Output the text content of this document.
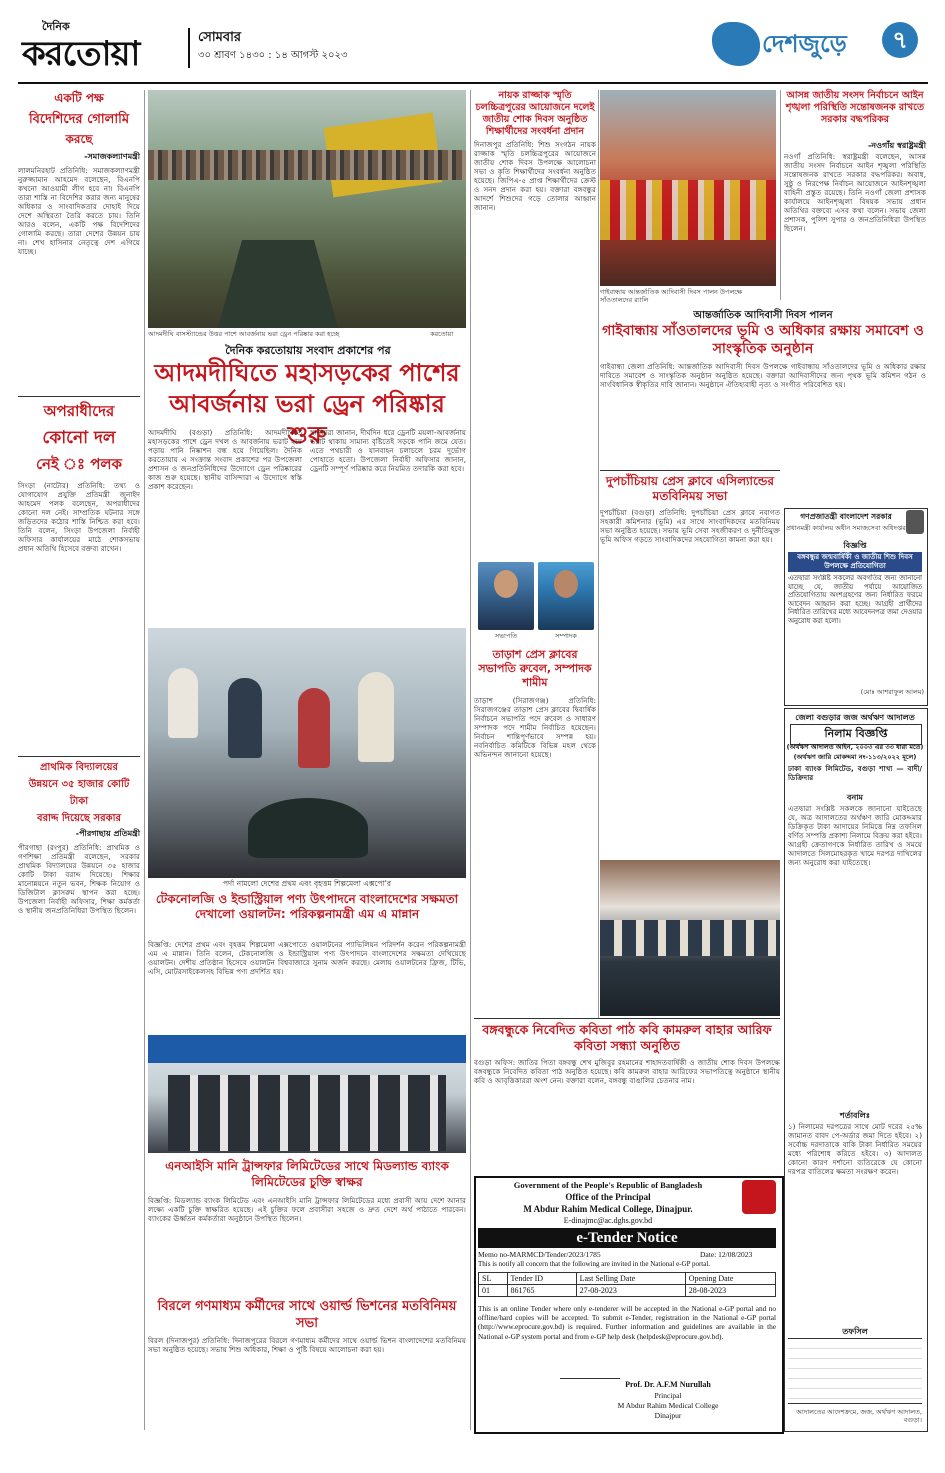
দৈনিক
করতোয়া	সোমবার
৩০ শ্রাবণ ১৪৩০ : ১৪ আগস্ট ২০২৩	দেশজুড়ে	৭
একটি পক্ষ
বিদেশিদের গোলামি
করছে
-সমাজকল্যাণমন্ত্রী
লালমনিরহাট প্রতিনিধি: সমাজকল্যাণমন্ত্রী নুরুজ্জামান আহমেদ বলেছেন, বিএনপি কখনো আওয়ামী লীগ হবে না। বিএনপি তারা শাস্তি না বিদেশির করার জন্য মানুষের অধিকার ও সাংবাদিকতার দোহাই দিয়ে দেশে অস্থিরতা তৈরি করতে চায়। তিনি আরও বলেন, একটি পক্ষ বিদেশিদের গোলামি করছে। তারা দেশের উন্নয়ন চায় না। শেখ হাসিনার নেতৃত্বে দেশ এগিয়ে যাচ্ছে।
অপরাধীদের
কোনো দল
নেই ঃ পলক
সিংড়া (নাটোর) প্রতিনিধি: তথ্য ও যোগাযোগ প্রযুক্তি প্রতিমন্ত্রী জুনাইদ আহমেদ পলক বলেছেন, অপরাধীদের কোনো দল নেই। সাম্প্রতিক ঘটনার সঙ্গে জড়িতদের কঠোর শাস্তি নিশ্চিত করা হবে। তিনি বলেন, সিংড়া উপজেলা নির্বাহী অফিসার কার্যালয়ের মাঠে শোকসভায় প্রধান অতিথি হিসেবে বক্তব্য রাখেন।
প্রাথমিক বিদ্যালয়ের
উন্নয়নে ৩৫ হাজার কোটি টাকা
বরাদ্দ দিয়েছে সরকার
-পীরগাছায় প্রতিমন্ত্রী
পীরগাছা (রংপুর) প্রতিনিধি: প্রাথমিক ও গণশিক্ষা প্রতিমন্ত্রী বলেছেন, সরকার প্রাথমিক বিদ্যালয়ের উন্নয়নে ৩৫ হাজার কোটি টাকা বরাদ্দ দিয়েছে। শিক্ষার মানোন্নয়নে নতুন ভবন, শিক্ষক নিয়োগ ও ডিজিটাল ক্লাসরুম স্থাপন করা হচ্ছে। উপজেলা নির্বাহী অফিসার, শিক্ষা কর্মকর্তা ও স্থানীয় জনপ্রতিনিধিরা উপস্থিত ছিলেন।
আদমদীঘি বাসস্ট্যান্ডের উত্তর পাশে আবর্জনায় ভরা ড্রেন পরিষ্কার করা হচ্ছে	করতোয়া
দৈনিক করতোয়ায় সংবাদ প্রকাশের পর
আদমদীঘিতে মহাসড়কের পাশের আবর্জনায় ভরা ড্রেন পরিষ্কার শুরু
আদমদীঘি (বগুড়া) প্রতিনিধি: আদমদীঘিতে মহাসড়কের পাশে ড্রেন দখল ও আবর্জনায় ভরাট হয়ে পড়ায় পানি নিষ্কাশন বন্ধ হয়ে গিয়েছিল। দৈনিক করতোয়ায় এ সংক্রান্ত সংবাদ প্রকাশের পর উপজেলা প্রশাসন ও জনপ্রতিনিধিদের উদ্যোগে ড্রেন পরিষ্কারের কাজ শুরু হয়েছে। স্থানীয় বাসিন্দারা এ উদ্যোগে স্বস্তি প্রকাশ করেছেন।
স্থানীয়রা জানান, দীর্ঘদিন ধরে ড্রেনটি ময়লা-আবর্জনায় ভরাট থাকায় সামান্য বৃষ্টিতেই সড়কে পানি জমে যেত। এতে পথচারী ও যানবাহন চলাচলে চরম দুর্ভোগ পোহাতে হতো। উপজেলা নির্বাহী অফিসার জানান, ড্রেনটি সম্পূর্ণ পরিষ্কার করে নিয়মিত তদারকি করা হবে।
পর্দা নামলো দেশের প্রথম এবং বৃহত্তম শিল্পমেলা এক্সপো'র
টেকনোলজি ও ইন্ডাস্ট্রিয়াল পণ্য উৎপাদনে বাংলাদেশের সক্ষমতা দেখালো ওয়ালটন: পরিকল্পনামন্ত্রী এম এ মান্নান
বিজ্ঞপ্তি: দেশের প্রথম এবং বৃহত্তম শিল্পমেলা এক্সপোতে ওয়ালটনের প্যাভিলিয়ন পরিদর্শন করেন পরিকল্পনামন্ত্রী এম এ মান্নান। তিনি বলেন, টেকনোলজি ও ইন্ডাস্ট্রিয়াল পণ্য উৎপাদনে বাংলাদেশের সক্ষমতা দেখিয়েছে ওয়ালটন। দেশীয় প্রতিষ্ঠান হিসেবে ওয়ালটন বিশ্ববাজারে সুনাম অর্জন করছে। মেলায় ওয়ালটনের ফ্রিজ, টিভি, এসি, মোটরসাইকেলসহ বিভিন্ন পণ্য প্রদর্শিত হয়।
এনআইসি মানি ট্রান্সফার লিমিটেডের সাথে মিডল্যান্ড ব্যাংক লিমিটেডের চুক্তি স্বাক্ষর
বিজ্ঞপ্তি: মিডল্যান্ড ব্যাংক লিমিটেড এবং এনআইসি মানি ট্রান্সফার লিমিটেডের মধ্যে প্রবাসী আয় দেশে আনার লক্ষ্যে একটি চুক্তি স্বাক্ষরিত হয়েছে। এই চুক্তির ফলে প্রবাসীরা সহজে ও দ্রুত দেশে অর্থ পাঠাতে পারবেন। ব্যাংকের ঊর্ধ্বতন কর্মকর্তারা অনুষ্ঠানে উপস্থিত ছিলেন।
বিরলে গণমাধ্যম কর্মীদের সাথে ওয়ার্ল্ড ভিশনের মতবিনিময় সভা
বিরল (দিনাজপুর) প্রতিনিধি: দিনাজপুরের বিরলে গণমাধ্যম কর্মীদের সাথে ওয়ার্ল্ড ভিশন বাংলাদেশের মতবিনিময় সভা অনুষ্ঠিত হয়েছে। সভায় শিশু অধিকার, শিক্ষা ও পুষ্টি বিষয়ে আলোচনা করা হয়।
নায়ক রাজ্জাক স্মৃতি চলচ্চিত্রপুরের আয়োজনে দলেই জাতীয় শোক দিবস অনুষ্ঠিত শিক্ষার্থীদের সংবর্ধনা প্রদান
দিনাজপুর প্রতিনিধি: শিশু সংগঠন নায়ক রাজ্জাক স্মৃতি চলচ্চিত্রপুরের আয়োজনে জাতীয় শোক দিবস উপলক্ষে আলোচনা সভা ও কৃতি শিক্ষার্থীদের সংবর্ধনা অনুষ্ঠিত হয়েছে। জিপিএ-৫ প্রাপ্ত শিক্ষার্থীদের ক্রেস্ট ও সনদ প্রদান করা হয়। বক্তারা বঙ্গবন্ধুর আদর্শে শিশুদের গড়ে তোলার আহ্বান জানান।
সভাপতি	সম্পাদক
তাড়াশ প্রেস ক্লাবের সভাপতি রুবেল, সম্পাদক শামীম
তাড়াশ (সিরাজগঞ্জ) প্রতিনিধি: সিরাজগঞ্জের তাড়াশ প্রেস ক্লাবের দ্বিবার্ষিক নির্বাচনে সভাপতি পদে রুবেল ও সাধারণ সম্পাদক পদে শামীম নির্বাচিত হয়েছেন। নির্বাচন শান্তিপূর্ণভাবে সম্পন্ন হয়। নবনির্বাচিত কমিটিকে বিভিন্ন মহল থেকে অভিনন্দন জানানো হয়েছে।
গাইবান্ধায় আন্তর্জাতিক আদিবাসী দিবস পালন উপলক্ষে সাঁওতালদের র‍্যালি
আন্তর্জাতিক আদিবাসী দিবস পালন
গাইবান্ধায় সাঁওতালদের ভূমি ও অধিকার রক্ষায় সমাবেশ ও সাংস্কৃতিক অনুষ্ঠান
গাইবান্ধা জেলা প্রতিনিধি: আন্তর্জাতিক আদিবাসী দিবস উপলক্ষে গাইবান্ধায় সাঁওতালদের ভূমি ও অধিকার রক্ষার দাবিতে সমাবেশ ও সাংস্কৃতিক অনুষ্ঠান অনুষ্ঠিত হয়েছে। বক্তারা আদিবাসীদের জন্য পৃথক ভূমি কমিশন গঠন ও সাংবিধানিক স্বীকৃতির দাবি জানান। অনুষ্ঠানে ঐতিহ্যবাহী নৃত্য ও সংগীত পরিবেশিত হয়।
দুপচাঁচিয়ায় প্রেস ক্লাবে এসিল্যান্ডের মতবিনিময় সভা
দুপচাঁচিয়া (বগুড়া) প্রতিনিধি: দুপচাঁচিয়া প্রেস ক্লাবে নবাগত সহকারী কমিশনার (ভূমি) এর সাথে সাংবাদিকদের মতবিনিময় সভা অনুষ্ঠিত হয়েছে। সভায় ভূমি সেবা সহজীকরণ ও দুর্নীতিমুক্ত ভূমি অফিস গড়তে সাংবাদিকদের সহযোগিতা কামনা করা হয়।
আসন্ন জাতীয় সংসদ নির্বাচনে আইন শৃঙ্খলা পরিস্থিতি সন্তোষজনক রাখতে সরকার বদ্ধপরিকর
-নওগাঁয় স্বরাষ্ট্রমন্ত্রী
নওগাঁ প্রতিনিধি: স্বরাষ্ট্রমন্ত্রী বলেছেন, আসন্ন জাতীয় সংসদ নির্বাচনে আইন শৃঙ্খলা পরিস্থিতি সন্তোষজনক রাখতে সরকার বদ্ধপরিকর। অবাধ, সুষ্ঠু ও নিরপেক্ষ নির্বাচন আয়োজনে আইনশৃঙ্খলা বাহিনী প্রস্তুত রয়েছে। তিনি নওগাঁ জেলা প্রশাসক কার্যালয়ে আইনশৃঙ্খলা বিষয়ক সভায় প্রধান অতিথির বক্তব্যে এসব কথা বলেন। সভায় জেলা প্রশাসক, পুলিশ সুপার ও জনপ্রতিনিধিরা উপস্থিত ছিলেন।
গণপ্রজাতন্ত্রী বাংলাদেশ সরকার
প্রধানমন্ত্রী কার্যালয় অধীন সমাজসেবা অধিদপ্তর
বিজ্ঞপ্তি
বঙ্গবন্ধুর জন্মবার্ষিকী ও জাতীয় শিশু দিবস উপলক্ষে প্রতিযোগিতা
এতদ্বারা সংশ্লিষ্ট সকলের অবগতির জন্য জানানো যাচ্ছে যে, জাতীয় পর্যায়ে আয়োজিত প্রতিযোগিতায় অংশগ্রহণের জন্য নির্ধারিত ফরমে আবেদন আহ্বান করা হচ্ছে। আগ্রহী প্রার্থীদের নির্ধারিত তারিখের মধ্যে আবেদনপত্র জমা দেওয়ার অনুরোধ করা হলো।
(মোঃ আশরাফুল আলম)
বঙ্গবন্ধুকে নিবেদিত কবিতা পাঠ কবি কামরুল বাহার আরিফ কবিতা সন্ধ্যা অনুষ্ঠিত
বগুড়া অফিস: জাতির পিতা বঙ্গবন্ধু শেখ মুজিবুর রহমানের শাহাদতবার্ষিকী ও জাতীয় শোক দিবস উপলক্ষে বঙ্গবন্ধুকে নিবেদিত কবিতা পাঠ অনুষ্ঠিত হয়েছে। কবি কামরুল বাহার আরিফের সভাপতিত্বে অনুষ্ঠানে স্থানীয় কবি ও আবৃত্তিকাররা অংশ নেন। বক্তারা বলেন, বঙ্গবন্ধু বাঙালির চেতনার নাম।
Government of the People's Republic of Bangladesh
Office of the Principal
M Abdur Rahim Medical College, Dinajpur.
E-dinajmc@ac.dghs.gov.bd
e-Tender Notice
Memo no-MARMCD/Tender/2023/1785	Date: 12/08/2023
This is notify all concern that the following are invited in the National e-GP portal.
SL	Tender ID	Last Selling Date	Opening Date
01	861765	27-08-2023	28-08-2023
This is an online Tender where only e-tenderer will be accepted in the National e-GP portal and no offline/hard copies will be accepted. To submit e-Tender, registration in the National e-GP portal (http://www.eprocure.gov.bd) is required. Further information and guidelines are available in the National e-GP system portal and from e-GP help desk (helpdesk@eprocure.gov.bd).
Prof. Dr. A.F.M Nurullah
Principal
M Abdur Rahim Medical College
Dinajpur
জেলা বগুড়ার জজ অর্থঋণ আদালত
নিলাম বিজ্ঞপ্তি
(অর্থঋণ আদালত আইন, ২০০৩ এর ৩৩ ধারা মতে)
(অর্থঋণ জারি মোকদ্দমা নং-১১৩/২০২২ মূলে)
ঢাকা ব্যাংক লিমিটেড, বগুড়া শাখা — বাদী/ডিক্রিদার
বনাম
এতদ্বারা সংশ্লিষ্ট সকলকে জানানো যাইতেছে যে, অত্র আদালতের অর্থঋণ জারি মোকদ্দমার ডিক্রিকৃত টাকা আদায়ের নিমিত্তে নিম্ন তফসিল বর্ণিত সম্পত্তি প্রকাশ্য নিলামে বিক্রয় করা হইবে। আগ্রহী ক্রেতাগণকে নির্ধারিত তারিখ ও সময়ে আদালতে সিলমোহরকৃত খামে দরপত্র দাখিলের জন্য অনুরোধ করা যাইতেছে।
শর্তাবলিঃ
১) নিলামের দরপত্রের সাথে মোট দরের ২৫% জামানত বাবদ পে-অর্ডার জমা দিতে হইবে। ২) সর্বোচ্চ দরদাতাকে বাকি টাকা নির্ধারিত সময়ের মধ্যে পরিশোধ করিতে হইবে। ৩) আদালত কোনো কারণ দর্শানো ব্যতিরেকে যে কোনো দরপত্র বাতিলের ক্ষমতা সংরক্ষণ করেন।
তফসিল
আদালতের আদেশক্রমে, জজ, অর্থঋণ আদালত, বগুড়া।
